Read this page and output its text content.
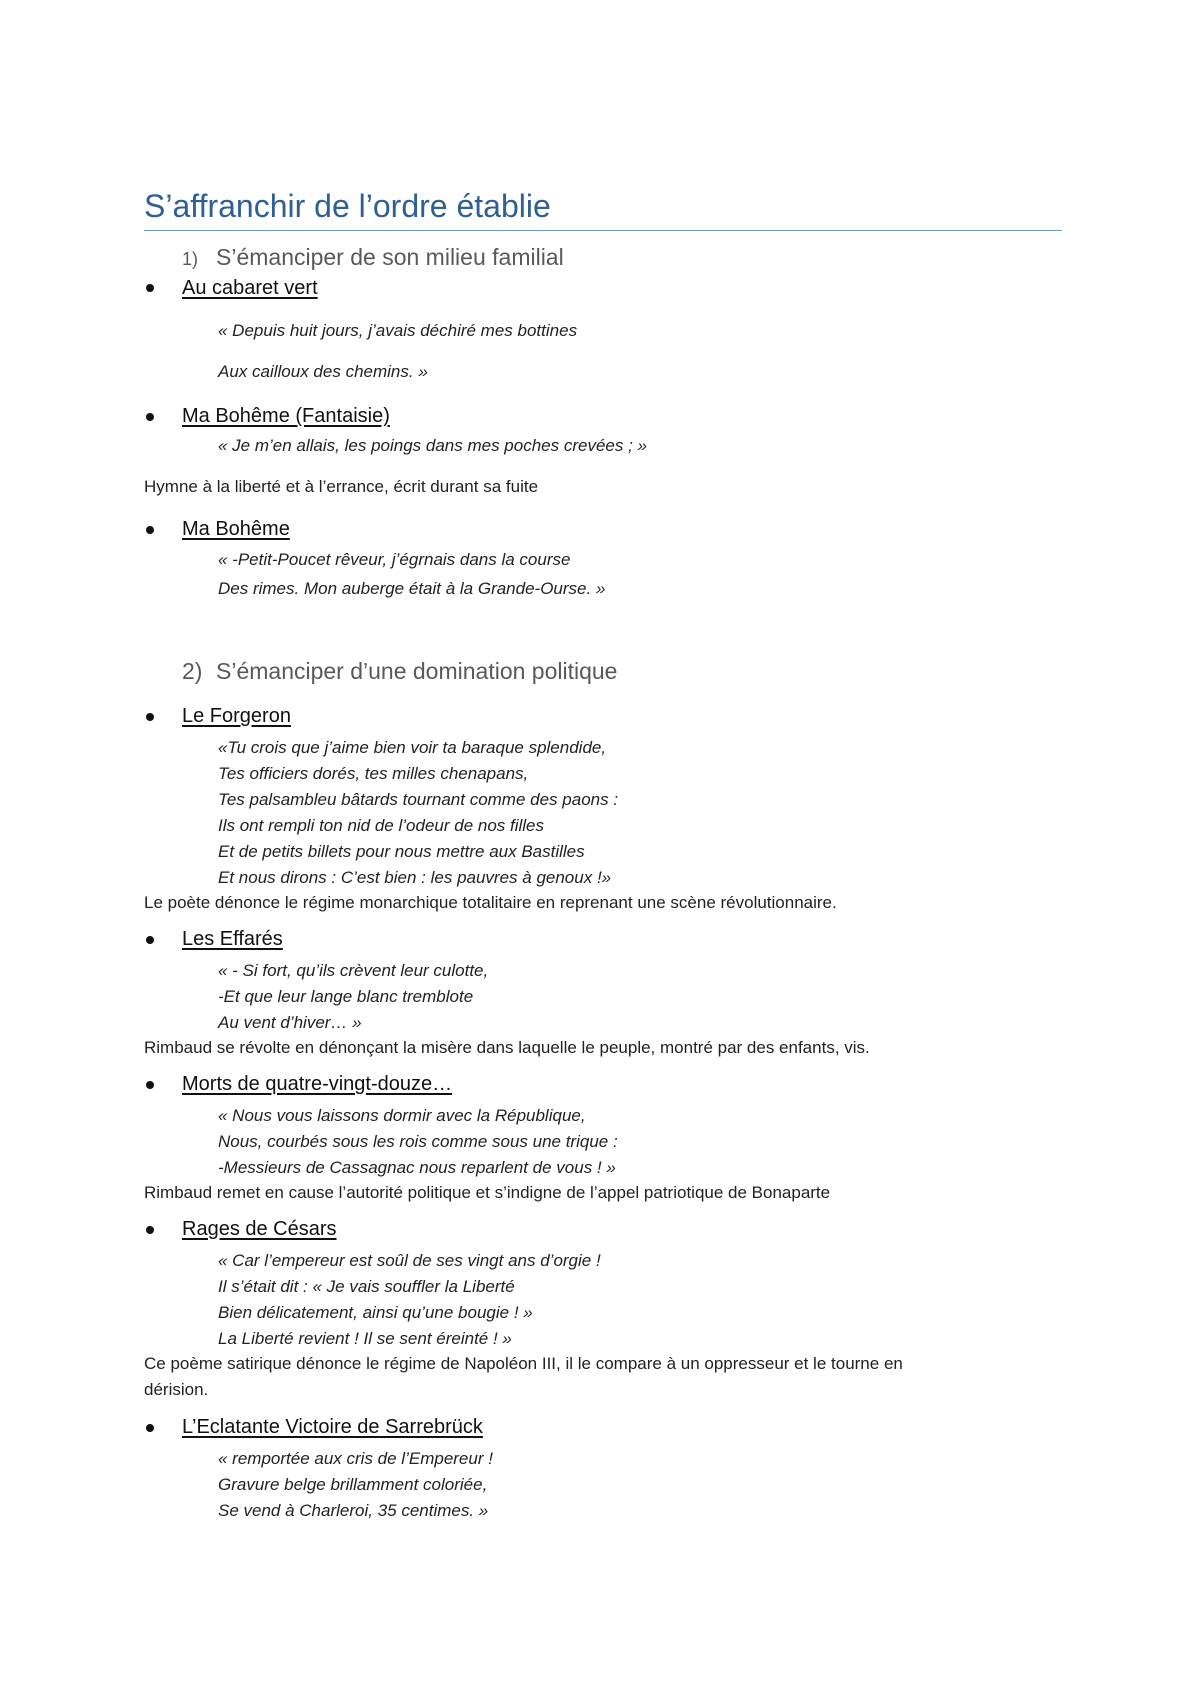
S’affranchir de l’ordre établie
1) S’émanciper de son milieu familial
Au cabaret vert
« Depuis huit jours, j’avais déchiré mes bottines
Aux cailloux des chemins. »
Ma Bohême (Fantaisie)
« Je m’en allais, les poings dans mes poches crevées ; »
Hymne à la liberté et à l’errance, écrit durant sa fuite
Ma Bohême
« -Petit-Poucet rêveur, j’égrnais dans la course
Des rimes. Mon auberge était à la Grande-Ourse. »
2) S’émanciper d’une domination politique
Le Forgeron
«Tu crois que j’aime bien voir ta baraque splendide,
Tes officiers dorés, tes milles chenapans,
Tes palsambleu bâtards tournant comme des paons :
Ils ont rempli ton nid de l’odeur de nos filles
Et de petits billets pour nous mettre aux Bastilles
Et nous dirons : C’est bien : les pauvres à genoux !»
Le poète dénonce le régime monarchique totalitaire en reprenant une scène révolutionnaire.
Les Effarés
« - Si fort, qu’ils crèvent leur culotte,
-Et que leur lange blanc tremblote
Au vent d’hiver… »
Rimbaud se révolte en dénonçant la misère dans laquelle le peuple, montré par des enfants, vis.
Morts de quatre-vingt-douze…
« Nous vous laissons dormir avec la République,
Nous, courbés sous les rois comme sous une trique :
-Messieurs de Cassagnac nous reparlent de vous ! »
Rimbaud remet en cause l’autorité politique et s’indigne de l’appel patriotique de Bonaparte
Rages de Césars
« Car l’empereur est soûl de ses vingt ans d’orgie !
Il s’était dit : « Je vais souffler la Liberté
Bien délicatement, ainsi qu’une bougie ! »
La Liberté revient ! Il se sent éreinté ! »
Ce poème satirique dénonce le régime de Napoléon III, il le compare à un oppresseur et le tourne en
dérision.
L’Eclatante Victoire de Sarrebrück
« remportée aux cris de l’Empereur !
Gravure belge brillamment coloriée,
Se vend à Charleroi, 35 centimes. »
